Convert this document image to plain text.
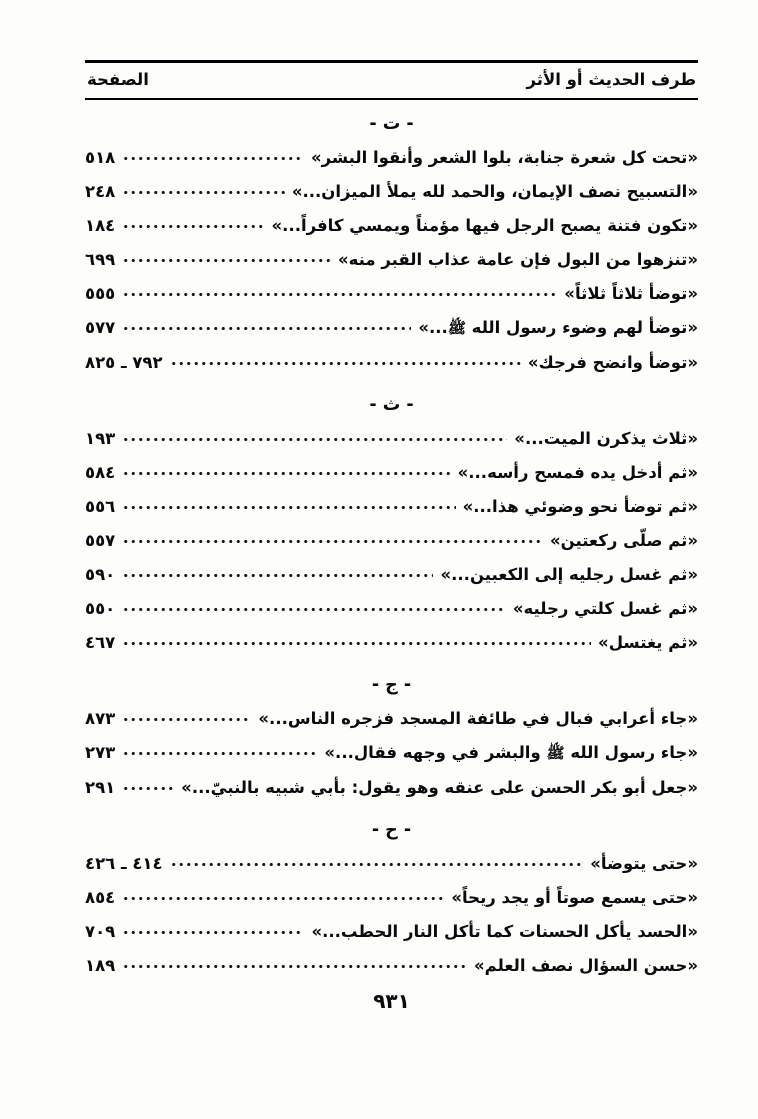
طرف الحديث أو الأثر
الصفحة
- ت -
«تحت كل شعرة جنابة، بلوا الشعر وأنقوا البشر»
٥١٨
«التسبيح نصف الإيمان، والحمد لله يملأ الميزان...»
٢٤٨
«تكون فتنة يصبح الرجل فيها مؤمناً ويمسي كافراً...»
١٨٤
«تنزهوا من البول فإن عامة عذاب القبر منه»
٦٩٩
«توضأ ثلاثاً ثلاثاً»
٥٥٥
«توضأ لهم وضوء رسول الله ﷺ...»
٥٧٧
«توضأ وانضح فرجك»
٧٩٢ ـ ٨٢٥
- ث -
«ثلاث يذكرن الميت...»
١٩٣
«ثم أدخل يده فمسح رأسه...»
٥٨٤
«ثم توضأ نحو وضوئي هذا...»
٥٥٦
«ثم صلّى ركعتين»
٥٥٧
«ثم غسل رجليه إلى الكعبين...»
٥٩٠
«ثم غسل كلتي رجليه»
٥٥٠
«ثم يغتسل»
٤٦٧
- ج -
«جاء أعرابي فبال في طائفة المسجد فزجره الناس...»
٨٧٣
«جاء رسول الله ﷺ والبشر في وجهه فقال...»
٢٧٣
«جعل أبو بكر الحسن على عنقه وهو يقول: بأبي شبيه بالنبيّ...»
٢٩١
- ح -
«حتى يتوضأ»
٤١٤ ـ ٤٢٦
«حتى يسمع صوتاً أو يجد ريحاً»
٨٥٤
«الحسد يأكل الحسنات كما تأكل النار الحطب...»
٧٠٩
«حسن السؤال نصف العلم»
١٨٩
٩٣١
